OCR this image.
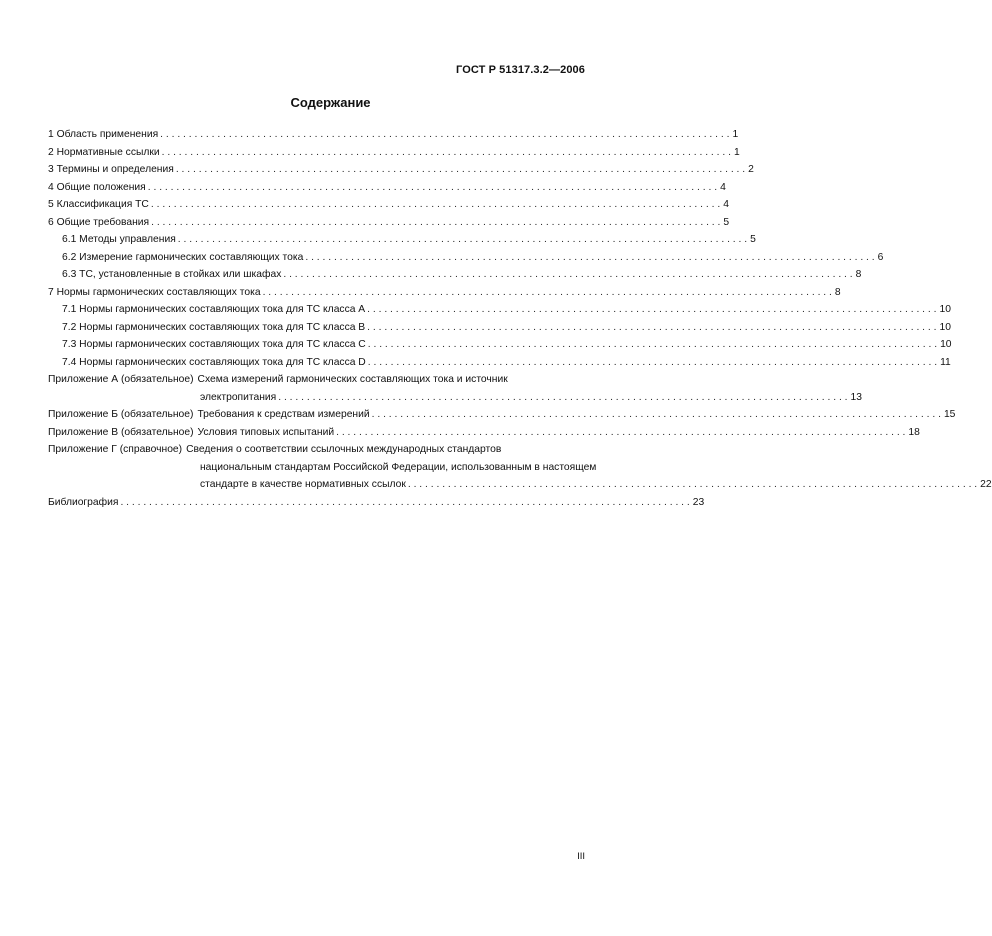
ГОСТ Р 51317.3.2—2006
Содержание
1 Область применения . . .	1
2 Нормативные ссылки . . .	1
3 Термины и определения . . .	2
4 Общие положения . . .	4
5 Классификация ТС . . .	4
6 Общие требования . . .	5
6.1 Методы управления . . .	5
6.2 Измерение гармонических составляющих тока . . .	6
6.3 ТС, установленные в стойках или шкафах . . .	8
7 Нормы гармонических составляющих тока . . .	8
7.1 Нормы гармонических составляющих тока для ТС класса А . . .	10
7.2 Нормы гармонических составляющих тока для ТС класса В . . .	10
7.3 Нормы гармонических составляющих тока для ТС класса С . . .	10
7.4 Нормы гармонических составляющих тока для ТС класса D . . .	11
Приложение А (обязательное) Схема измерений гармонических составляющих тока и источник
электропитания . . .	13
Приложение Б (обязательное) Требования к средствам измерений . . .	15
Приложение В (обязательное) Условия типовых испытаний . . .	18
Приложение Г (справочное) Сведения о соответствии ссылочных международных стандартов
национальным стандартам Российской Федерации, использованным в настоящем
стандарте в качестве нормативных ссылок . . .	22
Библиография . . .	23
III
